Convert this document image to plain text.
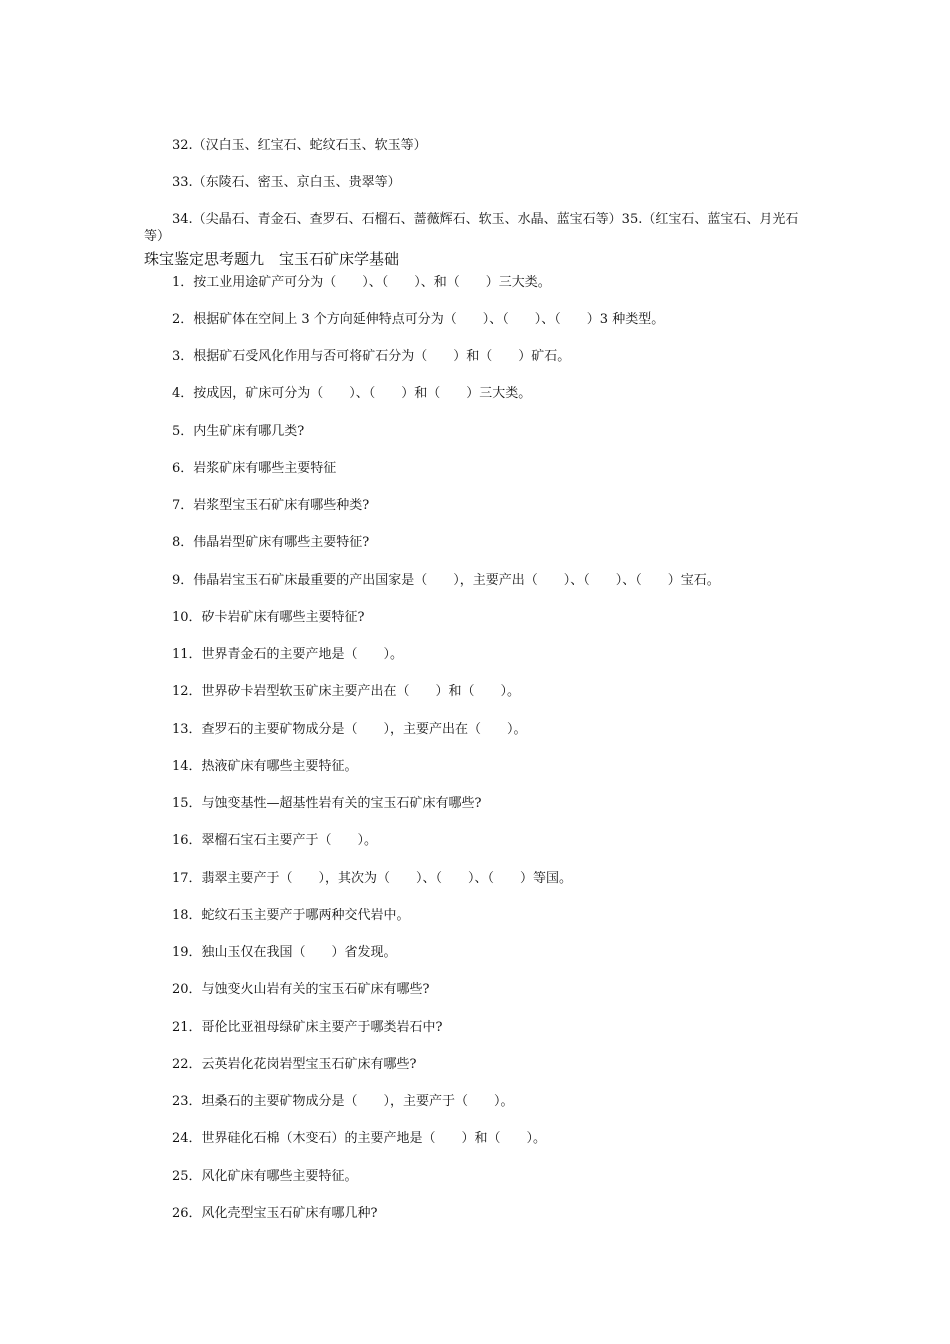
32.（汉白玉、红宝石、蛇纹石玉、软玉等）
33.（东陵石、密玉、京白玉、贵翠等）
34.（尖晶石、青金石、查罗石、石榴石、蔷薇辉石、软玉、水晶、蓝宝石等）35.（红宝石、蓝宝石、月光石等）
珠宝鉴定思考题九　宝玉石矿床学基础
1．按工业用途矿产可分为（　　）、（　　）、和（　　）三大类。
2．根据矿体在空间上 3 个方向延伸特点可分为（　　）、（　　）、（　　）3 种类型。
3．根据矿石受风化作用与否可将矿石分为（　　）和（　　）矿石。
4．按成因，矿床可分为（　　）、（　　）和（　　）三大类。
5．内生矿床有哪几类?
6．岩浆矿床有哪些主要特征
7．岩浆型宝玉石矿床有哪些种类?
8．伟晶岩型矿床有哪些主要特征?
9．伟晶岩宝玉石矿床最重要的产出国家是（　　），主要产出（　　）、（　　）、（　　）宝石。
10．矽卡岩矿床有哪些主要特征?
11．世界青金石的主要产地是（　　）。
12．世界矽卡岩型软玉矿床主要产出在（　　）和（　　）。
13．查罗石的主要矿物成分是（　　），主要产出在（　　）。
14．热液矿床有哪些主要特征。
15．与蚀变基性—超基性岩有关的宝玉石矿床有哪些?
16．翠榴石宝石主要产于（　　）。
17．翡翠主要产于（　　），其次为（　　）、（　　）、（　　）等国。
18．蛇纹石玉主要产于哪两种交代岩中。
19．独山玉仅在我国（　　）省发现。
20．与蚀变火山岩有关的宝玉石矿床有哪些?
21．哥伦比亚祖母绿矿床主要产于哪类岩石中?
22．云英岩化花岗岩型宝玉石矿床有哪些?
23．坦桑石的主要矿物成分是（　　），主要产于（　　）。
24．世界硅化石棉（木变石）的主要产地是（　　）和（　　）。
25．风化矿床有哪些主要特征。
26．风化壳型宝玉石矿床有哪几种?
